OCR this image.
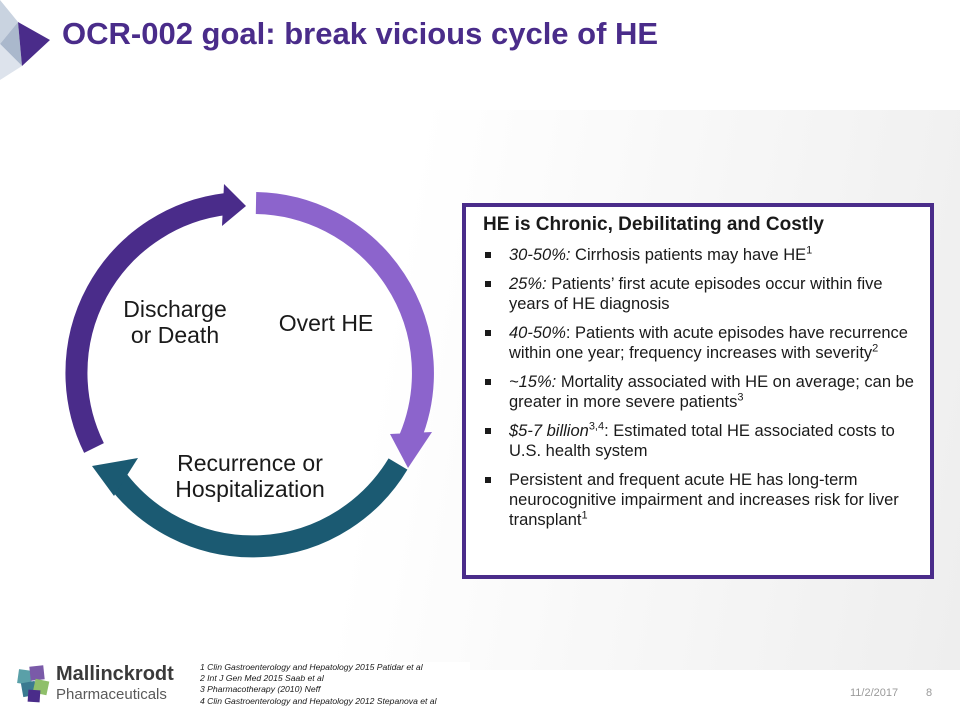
OCR-002 goal: break vicious cycle of HE
Overt HE
Discharge
or Death
Recurrence or
Hospitalization
HE is Chronic, Debilitating and Costly
30-50%: Cirrhosis patients may have $HE^1$
25%: Patients’ first acute episodes occur within five years of HE diagnosis
40-50%: Patients with acute episodes have recurrence within one year; frequency increases with severity$^2$
~15%: Mortality associated with HE on average; can be greater in more severe patients$^3$
$5-7 billion$^{3,4}$: Estimated total HE associated costs to U.S. health system
Persistent and frequent acute HE has long-term neurocognitive impairment and increases risk for liver transplant$^1$
Mallinckrodt
Pharmaceuticals
1 Clin Gastroenterology and Hepatology 2015 Patidar et al
2 Int J Gen Med 2015 Saab et al
3 Pharmacotherapy (2010) Neff
4 Clin Gastroenterology and Hepatology 2012 Stepanova et al
11/2/2017	8
